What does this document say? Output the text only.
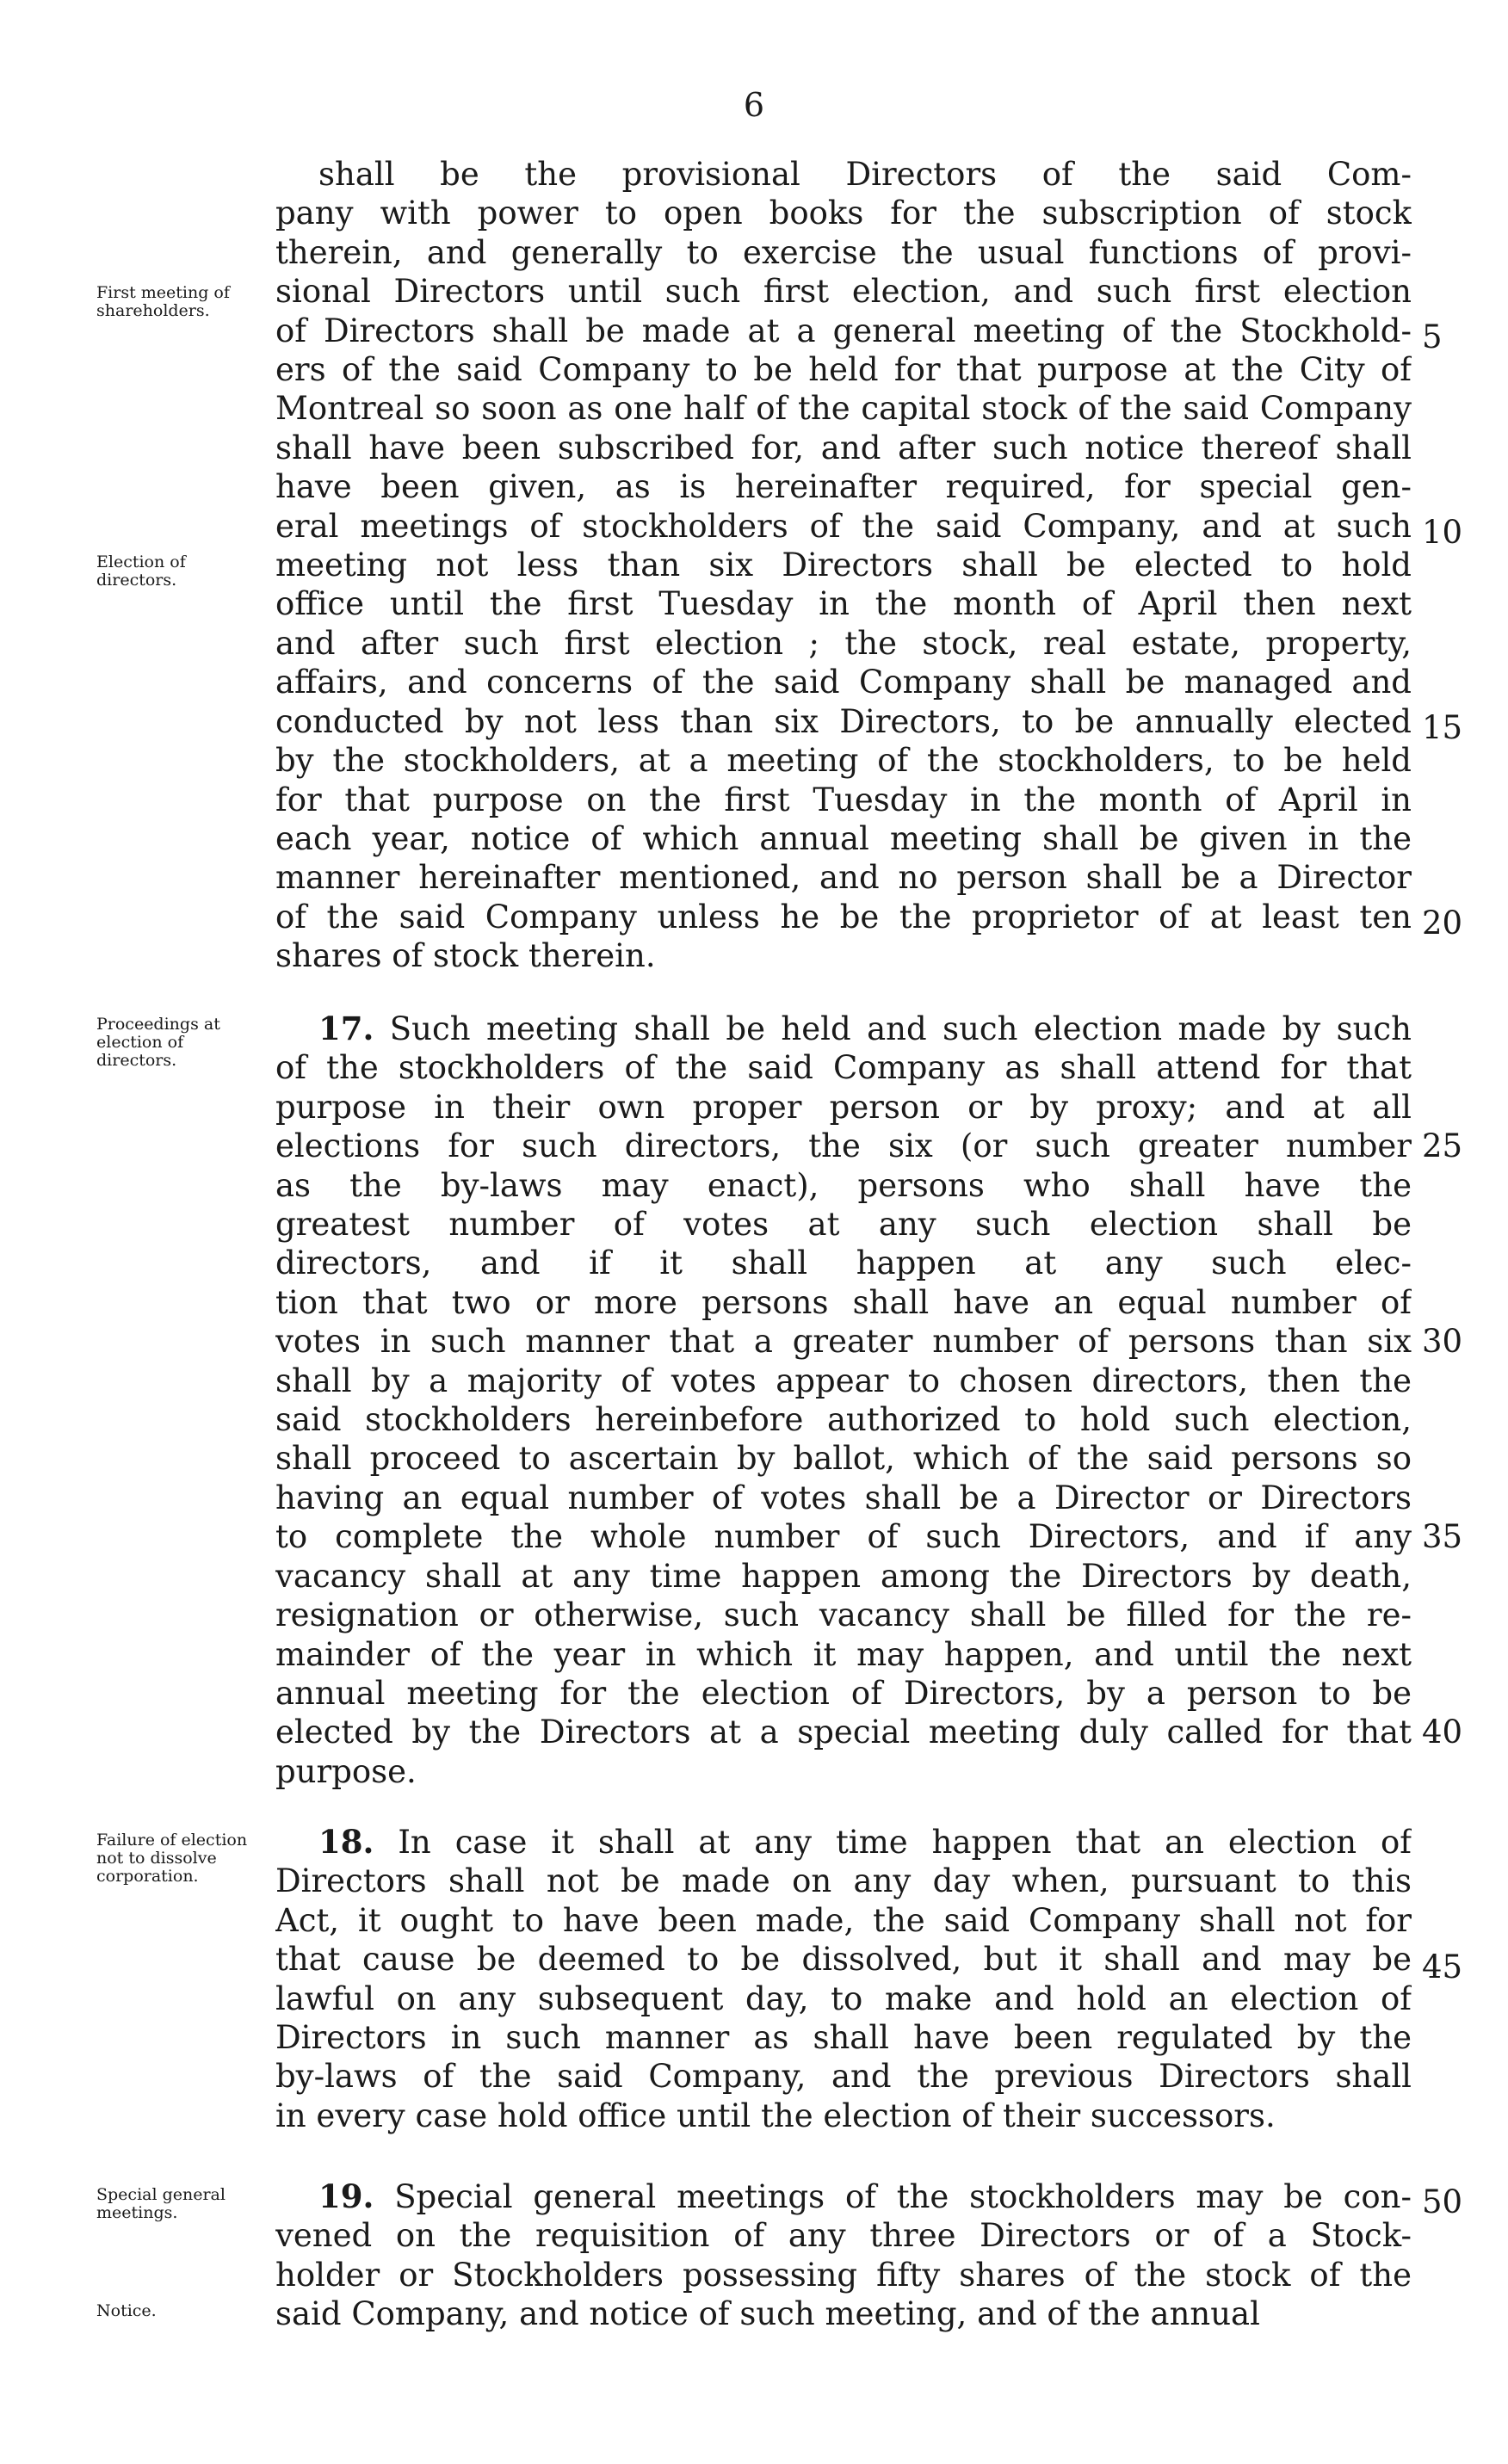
6
shall be the provisional Directors of the said Com-
pany with power to open books for the subscription of stock
therein, and generally to exercise the usual functions of provi-
sional Directors until such first election, and such first election
of Directors shall be made at a general meeting of the Stockhold-
ers of the said Company to be held for that purpose at the City of
Montreal so soon as one half of the capital stock of the said Company
shall have been subscribed for, and after such notice thereof shall
have been given, as is hereinafter required, for special gen-
eral meetings of stockholders of the said Company, and at such
meeting not less than six Directors shall be elected to hold
office until the first Tuesday in the month of April then next
and after such first election ; the stock, real estate, property,
affairs, and concerns of the said Company shall be managed and
conducted by not less than six Directors, to be annually elected
by the stockholders, at a meeting of the stockholders, to be held
for that purpose on the first Tuesday in the month of April in
each year, notice of which annual meeting shall be given in the
manner hereinafter mentioned, and no person shall be a Director
of the said Company unless he be the proprietor of at least ten
shares of stock therein.
17. Such meeting shall be held and such election made by such
of the stockholders of the said Company as shall attend for that
purpose in their own proper person or by proxy; and at all
elections for such directors, the six (or such greater number
as the by-laws may enact), persons who shall have the
greatest number of votes at any such election shall be
directors, and if it shall happen at any such elec-
tion that two or more persons shall have an equal number of
votes in such manner that a greater number of persons than six
shall by a majority of votes appear to chosen directors, then the
said stockholders hereinbefore authorized to hold such election,
shall proceed to ascertain by ballot, which of the said persons so
having an equal number of votes shall be a Director or Directors
to complete the whole number of such Directors, and if any
vacancy shall at any time happen among the Directors by death,
resignation or otherwise, such vacancy shall be filled for the re-
mainder of the year in which it may happen, and until the next
annual meeting for the election of Directors, by a person to be
elected by the Directors at a special meeting duly called for that
purpose.
18. In case it shall at any time happen that an election of
Directors shall not be made on any day when, pursuant to this
Act, it ought to have been made, the said Company shall not for
that cause be deemed to be dissolved, but it shall and may be
lawful on any subsequent day, to make and hold an election of
Directors in such manner as shall have been regulated by the
by-laws of the said Company, and the previous Directors shall
in every case hold office until the election of their successors.
19. Special general meetings of the stockholders may be con-
vened on the requisition of any three Directors or of a Stock-
holder or Stockholders possessing fifty shares of the stock of the
said Company, and notice of such meeting, and of the annual

First meeting of shareholders.

Election of directors.

Proceedings at election of directors.

Failure of election not to dissolve corporation.

Special general meetings.

Notice.

5
10
15
20
25
30
35
40
45
50
